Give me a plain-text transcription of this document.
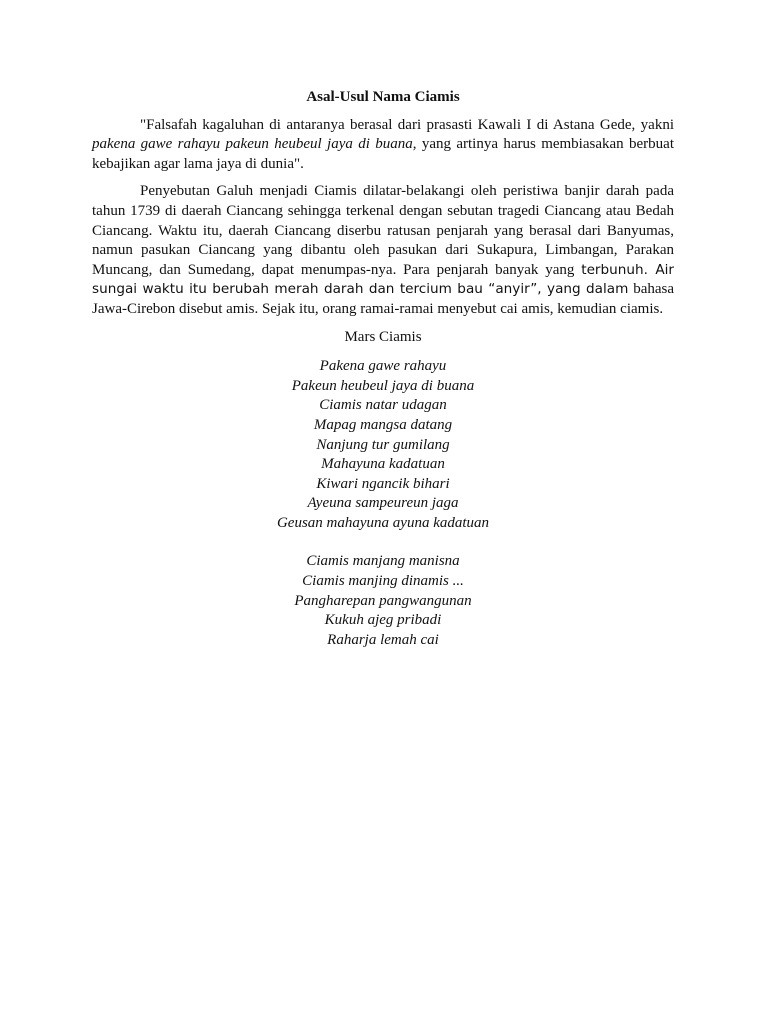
Asal-Usul Nama Ciamis

"Falsafah kagaluhan di antaranya berasal dari prasasti Kawali I di Astana Gede, yakni pakena gawe rahayu pakeun heubeul jaya di buana, yang artinya harus membiasakan berbuat kebajikan agar lama jaya di dunia".

Penyebutan Galuh menjadi Ciamis dilatar-belakangi oleh peristiwa banjir darah pada tahun 1739 di daerah Ciancang sehingga terkenal dengan sebutan tragedi Ciancang atau Bedah Ciancang. Waktu itu, daerah Ciancang diserbu ratusan penjarah yang berasal dari Banyumas, namun pasukan Ciancang yang dibantu oleh pasukan dari Sukapura, Limbangan, Parakan Muncang, dan Sumedang, dapat menumpas-nya. Para penjarah banyak yang terbunuh. Air sungai waktu itu berubah merah darah dan tercium bau “anyir”, yang dalam bahasa Jawa-Cirebon disebut amis. Sejak itu, orang ramai-ramai menyebut cai amis, kemudian ciamis.

Mars Ciamis
Pakena gawe rahayu
Pakeun heubeul jaya di buana
Ciamis natar udagan
Mapag mangsa datang
Nanjung tur gumilang
Mahayuna kadatuan
Kiwari ngancik bihari
Ayeuna sampeureun jaga
Geusan mahayuna ayuna kadatuan
Ciamis manjang manisna
Ciamis manjing dinamis ...
Pangharepan pangwangunan
Kukuh ajeg pribadi
Raharja lemah cai
